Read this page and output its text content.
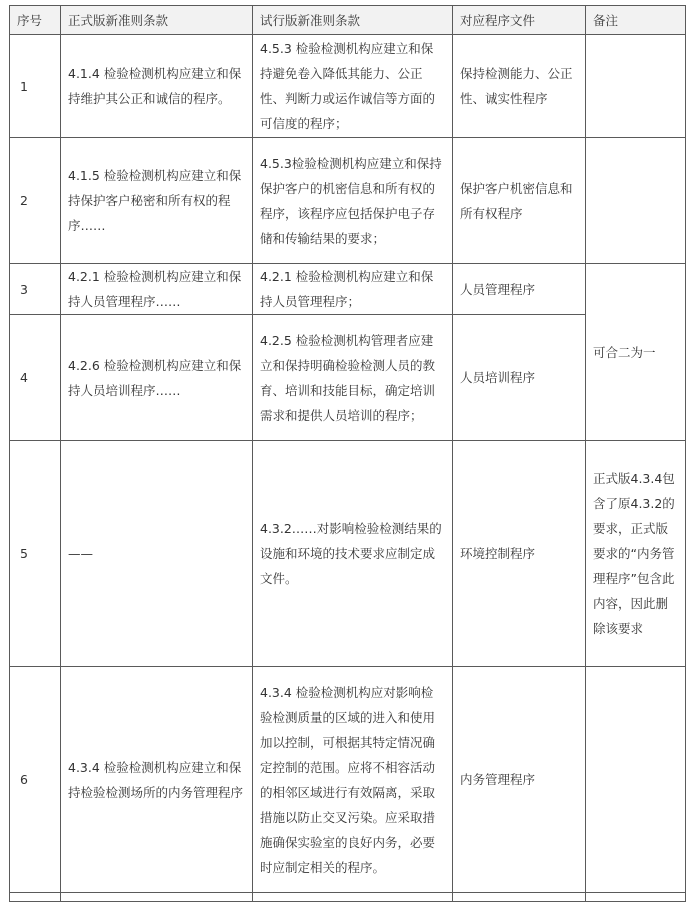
序号	正式版新准则条款	试行版新准则条款	对应程序文件	备注
1	4.1.4 检验检测机构应建立和保持维护其公正和诚信的程序。	4.5.3 检验检测机构应建立和保持避免卷入降低其能力、公正性、判断力或运作诚信等方面的可信度的程序；	保持检测能力、公正性、诚实性程序	
2	4.1.5 检验检测机构应建立和保持保护客户秘密和所有权的程序……	4.5.3检验检测机构应建立和保持保护客户的机密信息和所有权的程序，该程序应包括保护电子存储和传输结果的要求；	保护客户机密信息和所有权程序	
3	4.2.1 检验检测机构应建立和保持人员管理程序……	4.2.1 检验检测机构应建立和保持人员管理程序；	人员管理程序	可合二为一
4	4.2.6 检验检测机构应建立和保持人员培训程序……	4.2.5 检验检测机构管理者应建立和保持明确检验检测人员的教育、培训和技能目标，确定培训需求和提供人员培训的程序；	人员培训程序	
5	——	4.3.2……对影响检验检测结果的设施和环境的技术要求应制定成文件。	环境控制程序	正式版4.3.4包含了原4.3.2的要求，正式版要求的“内务管理程序”包含此内容，因此删除该要求
6	4.3.4 检验检测机构应建立和保持检验检测场所的内务管理程序	4.3.4 检验检测机构应对影响检验检测质量的区域的进入和使用加以控制，可根据其特定情况确定控制的范围。应将不相容活动的相邻区域进行有效隔离，采取措施以防止交叉污染。应采取措施确保实验室的良好内务，必要时应制定相关的程序。	内务管理程序	
